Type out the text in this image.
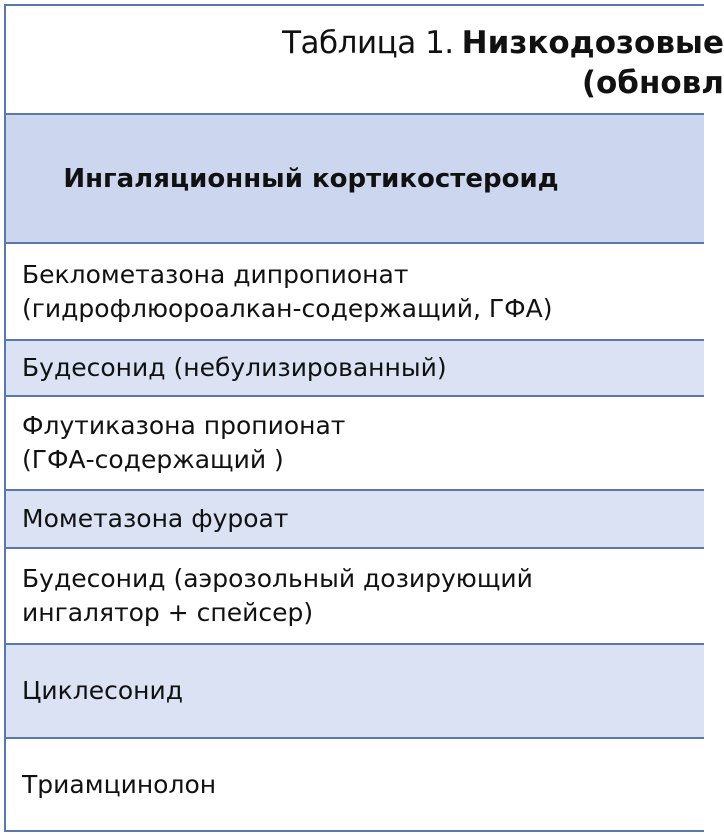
Таблица 1. Низкодозовые
(обновл
Ингаляционный кортикостероид
Беклометазона дипропионат
(гидрофлюороалкан-содержащий, ГФА)
Будесонид (небулизированный)
Флутиказона пропионат
(ГФА-содержащий )
Мометазона фуроат
Будесонид (аэрозольный дозирующий
ингалятор + спейсер)
Циклесонид
Триамцинолон
